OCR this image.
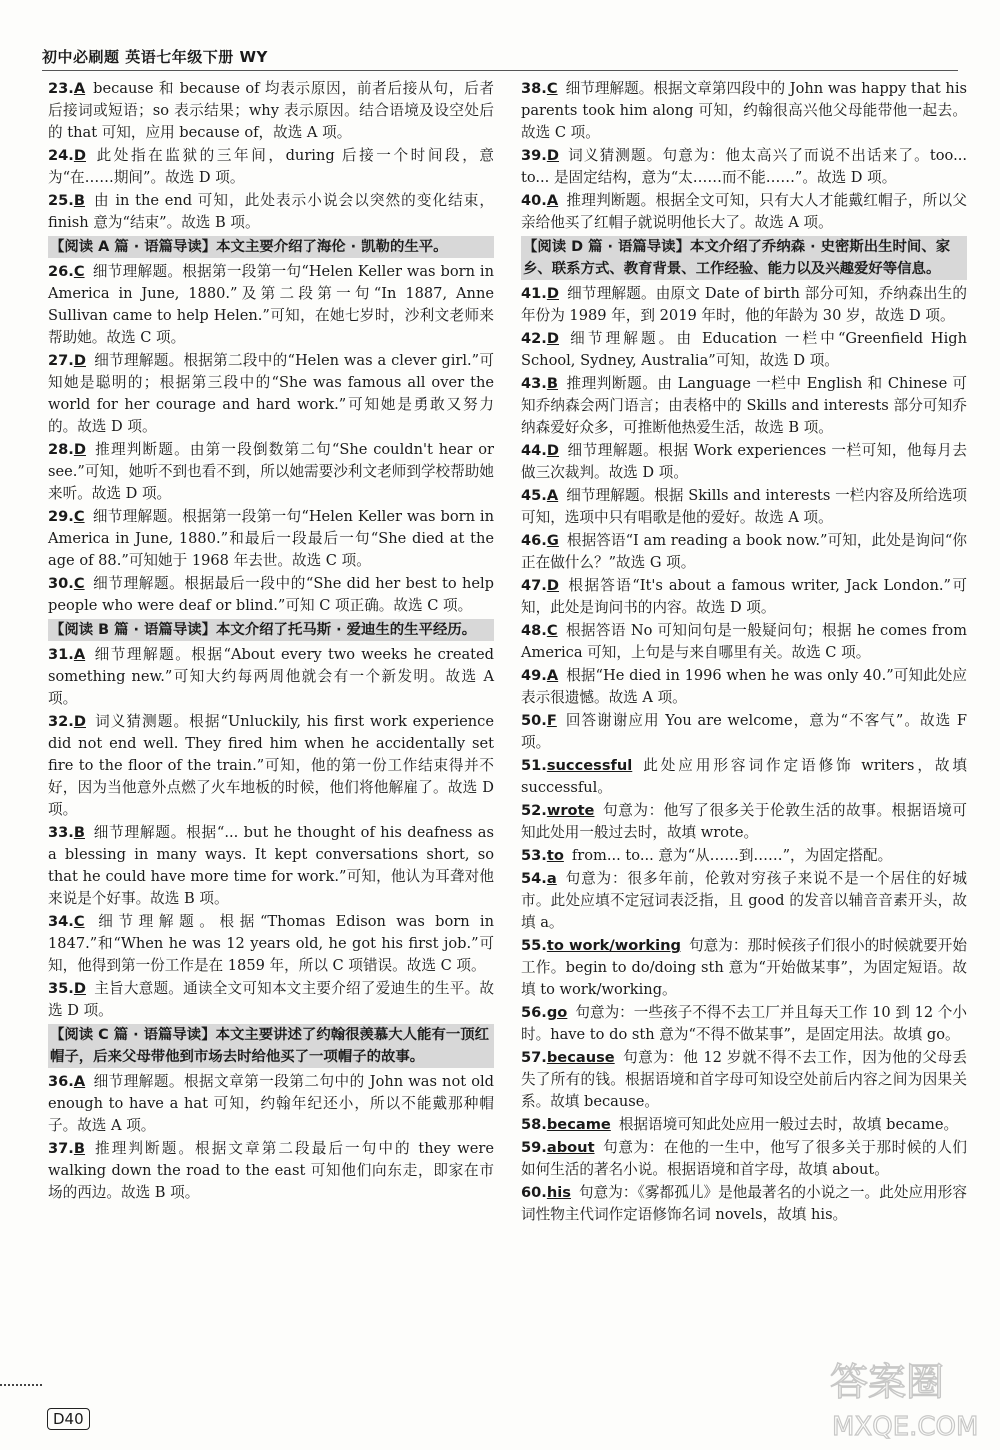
初中必刷题 英语七年级下册 WY
23.A because 和 because of 均表示原因，前者后接从句，后者后接词或短语；so 表示结果；why 表示原因。结合语境及设空处后的 that 可知，应用 because of，故选 A 项。
24.D 此处指在监狱的三年间，during 后接一个时间段，意为“在……期间”。故选 D 项。
25.B 由 in the end 可知，此处表示小说会以突然的变化结束，finish 意为“结束”。故选 B 项。
【阅读 A 篇 · 语篇导读】本文主要介绍了海伦 · 凯勒的生平。
26.C 细节理解题。根据第一段第一句“Helen Keller was born in America in June, 1880.”及第二段第一句“In 1887, Anne Sullivan came to help Helen.”可知，在她七岁时，沙利文老师来帮助她。故选 C 项。
27.D 细节理解题。根据第二段中的“Helen was a clever girl.”可知她是聪明的；根据第三段中的“She was famous all over the world for her courage and hard work.”可知她是勇敢又努力的。故选 D 项。
28.D 推理判断题。由第一段倒数第二句“She couldn't hear or see.”可知，她听不到也看不到，所以她需要沙利文老师到学校帮助她来听。故选 D 项。
29.C 细节理解题。根据第一段第一句“Helen Keller was born in America in June, 1880.”和最后一段最后一句“She died at the age of 88.”可知她于 1968 年去世。故选 C 项。
30.C 细节理解题。根据最后一段中的“She did her best to help people who were deaf or blind.”可知 C 项正确。故选 C 项。
【阅读 B 篇 · 语篇导读】本文介绍了托马斯 · 爱迪生的生平经历。
31.A 细节理解题。根据“About every two weeks he created something new.”可知大约每两周他就会有一个新发明。故选 A 项。
32.D 词义猜测题。根据“Unluckily, his first work experience did not end well. They fired him when he accidentally set fire to the floor of the train.”可知，他的第一份工作结束得并不好，因为当他意外点燃了火车地板的时候，他们将他解雇了。故选 D 项。
33.B 细节理解题。根据“... but he thought of his deafness as a blessing in many ways. It kept conversations short, so that he could have more time for work.”可知，他认为耳聋对他来说是个好事。故选 B 项。
34.C 细节理解题。根据“Thomas Edison was born in 1847.”和“When he was 12 years old, he got his first job.”可知，他得到第一份工作是在 1859 年，所以 C 项错误。故选 C 项。
35.D 主旨大意题。通读全文可知本文主要介绍了爱迪生的生平。故选 D 项。
【阅读 C 篇 · 语篇导读】本文主要讲述了约翰很羡慕大人能有一顶红帽子，后来父母带他到市场去时给他买了一项帽子的故事。
36.A 细节理解题。根据文章第一段第二句中的 John was not old enough to have a hat 可知，约翰年纪还小，所以不能戴那种帽子。故选 A 项。
37.B 推理判断题。根据文章第二段最后一句中的 they were walking down the road to the east 可知他们向东走，即家在市场的西边。故选 B 项。
38.C 细节理解题。根据文章第四段中的 John was happy that his parents took him along 可知，约翰很高兴他父母能带他一起去。故选 C 项。
39.D 词义猜测题。句意为：他太高兴了而说不出话来了。too... to... 是固定结构，意为“太……而不能……”。故选 D 项。
40.A 推理判断题。根据全文可知，只有大人才能戴红帽子，所以父亲给他买了红帽子就说明他长大了。故选 A 项。
【阅读 D 篇 · 语篇导读】本文介绍了乔纳森 · 史密斯出生时间、家乡、联系方式、教育背景、工作经验、能力以及兴趣爱好等信息。
41.D 细节理解题。由原文 Date of birth 部分可知，乔纳森出生的年份为 1989 年，到 2019 年时，他的年龄为 30 岁，故选 D 项。
42.D 细节理解题。由 Education 一栏中“Greenfield High School, Sydney, Australia”可知，故选 D 项。
43.B 推理判断题。由 Language 一栏中 English 和 Chinese 可知乔纳森会两门语言；由表格中的 Skills and interests 部分可知乔纳森爱好众多，可推断他热爱生活，故选 B 项。
44.D 细节理解题。根据 Work experiences 一栏可知，他每月去做三次裁判。故选 D 项。
45.A 细节理解题。根据 Skills and interests 一栏内容及所给选项可知，选项中只有唱歌是他的爱好。故选 A 项。
46.G 根据答语“I am reading a book now.”可知，此处是询问“你正在做什么？”故选 G 项。
47.D 根据答语“It's about a famous writer, Jack London.”可知，此处是询问书的内容。故选 D 项。
48.C 根据答语 No 可知问句是一般疑问句；根据 he comes from America 可知，上句是与来自哪里有关。故选 C 项。
49.A 根据“He died in 1996 when he was only 40.”可知此处应表示很遗憾。故选 A 项。
50.F 回答谢谢应用 You are welcome，意为“不客气”。故选 F 项。
51.successful 此处应用形容词作定语修饰 writers，故填 successful。
52.wrote 句意为：他写了很多关于伦敦生活的故事。根据语境可知此处用一般过去时，故填 wrote。
53.to from... to... 意为“从……到……”，为固定搭配。
54.a 句意为：很多年前，伦敦对穷孩子来说不是一个居住的好城市。此处应填不定冠词表泛指，且 good 的发音以辅音音素开头，故填 a。
55.to work/working 句意为：那时候孩子们很小的时候就要开始工作。begin to do/doing sth 意为“开始做某事”，为固定短语。故填 to work/working。
56.go 句意为：一些孩子不得不去工厂并且每天工作 10 到 12 个小时。have to do sth 意为“不得不做某事”，是固定用法。故填 go。
57.because 句意为：他 12 岁就不得不去工作，因为他的父母丢失了所有的钱。根据语境和首字母可知设空处前后内容之间为因果关系。故填 because。
58.became 根据语境可知此处应用一般过去时，故填 became。
59.about 句意为：在他的一生中，他写了很多关于那时候的人们如何生活的著名小说。根据语境和首字母，故填 about。
60.his 句意为：《雾都孤儿》是他最著名的小说之一。此处应用形容词性物主代词作定语修饰名词 novels，故填 his。
D40
答案圈
MXQE.COM
